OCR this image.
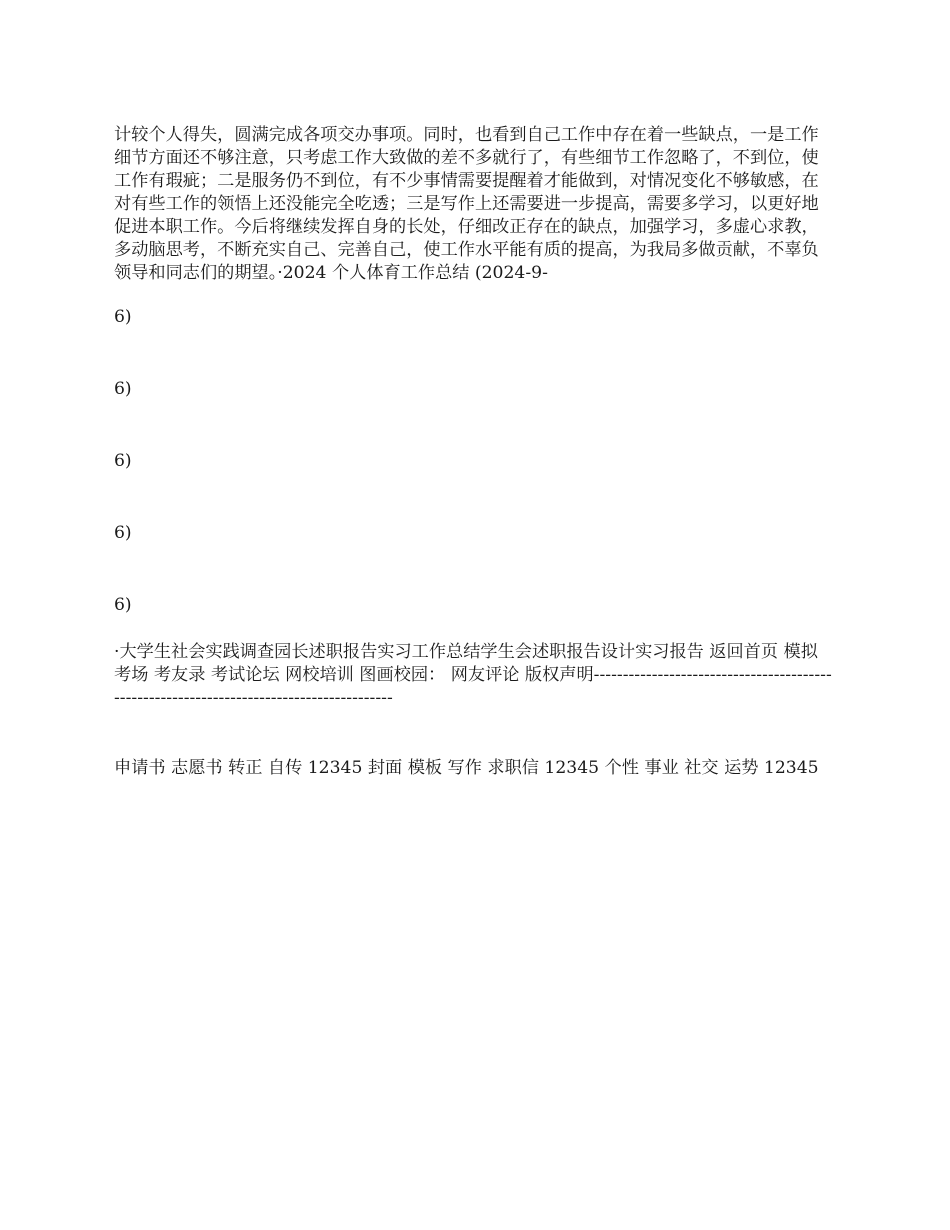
计较个人得失，圆满完成各项交办事项。同时，也看到自己工作中存在着一些缺点，一是工作细节方面还不够注意，只考虑工作大致做的差不多就行了，有些细节工作忽略了，不到位，使工作有瑕疵；二是服务仍不到位，有不少事情需要提醒着才能做到，对情况变化不够敏感，在对有些工作的领悟上还没能完全吃透；三是写作上还需要进一步提高，需要多学习，以更好地促进本职工作。今后将继续发挥自身的长处，仔细改正存在的缺点，加强学习，多虚心求教，多动脑思考，不断充实自己、完善自己，使工作水平能有质的提高，为我局多做贡献，不辜负领导和同志们的期望。·2024 个人体育工作总结 (2024-9-

6)

6)

6)

6)

6)

·大学生社会实践调查园长述职报告实习工作总结学生会述职报告设计实习报告 返回首页 模拟考场 考友录 考试论坛 网校培训 图画校园： 网友评论 版权声明-----------------------------------------------------------------------------------------

申请书 志愿书 转正 自传 12345 封面 模板 写作 求职信 12345 个性 事业 社交 运势 12345
